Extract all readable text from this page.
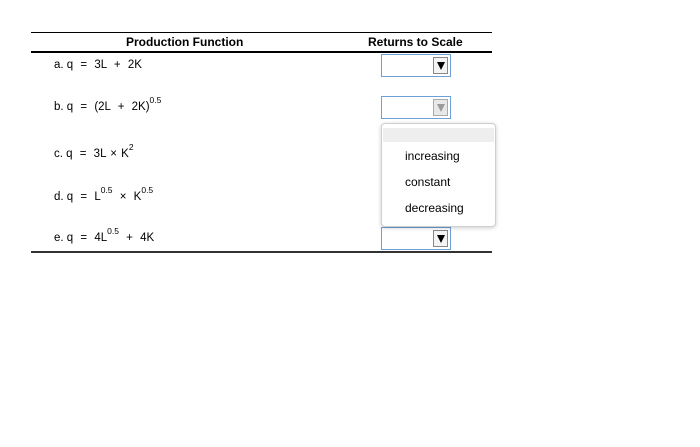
Production Function	Returns to Scale
a. q = 3L + 2K
b. $q = (2L + 2K)^{0.5}$
c. $q = 3L \times K^2$
d. $q = L^{0.5} \times K^{0.5}$
e. $q = 4L^{0.5} + 4K$
increasing
constant
decreasing
